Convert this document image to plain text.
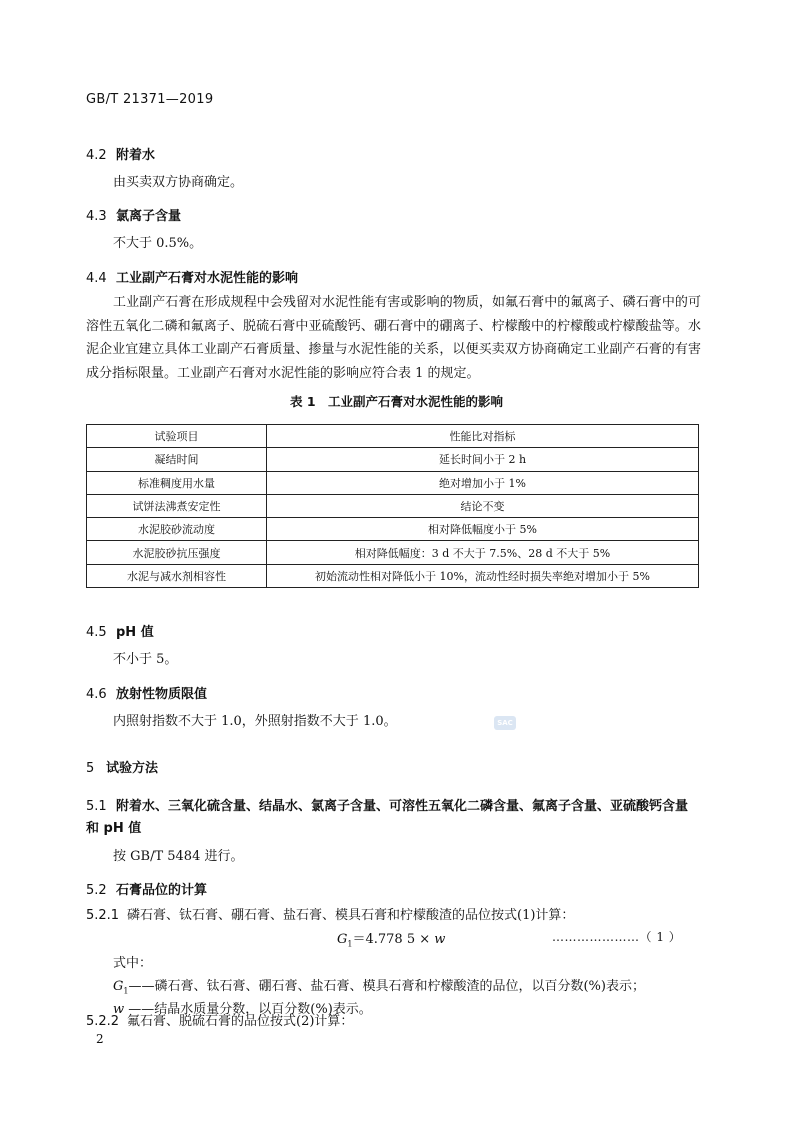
GB/T 21371—2019
4.2 附着水
由买卖双方协商确定。
4.3 氯离子含量
不大于 0.5%。
4.4 工业副产石膏对水泥性能的影响
工业副产石膏在形成规程中会残留对水泥性能有害或影响的物质，如氟石膏中的氟离子、磷石膏中的可溶性五氧化二磷和氟离子、脱硫石膏中亚硫酸钙、硼石膏中的硼离子、柠檬酸中的柠檬酸或柠檬酸盐等。水泥企业宜建立具体工业副产石膏质量、掺量与水泥性能的关系，以便买卖双方协商确定工业副产石膏的有害成分指标限量。工业副产石膏对水泥性能的影响应符合表 1 的规定。
表 1　工业副产石膏对水泥性能的影响
试验项目	性能比对指标
凝结时间	延长时间小于 2 h
标准稠度用水量	绝对增加小于 1%
试饼法沸煮安定性	结论不变
水泥胶砂流动度	相对降低幅度小于 5%
水泥胶砂抗压强度	相对降低幅度：3 d 不大于 7.5%、28 d 不大于 5%
水泥与减水剂相容性	初始流动性相对降低小于 10%，流动性经时损失率绝对增加小于 5%
4.5 pH 值
不小于 5。
4.6 放射性物质限值
内照射指数不大于 1.0，外照射指数不大于 1.0。	SAC
5 试验方法
5.1 附着水、三氧化硫含量、结晶水、氯离子含量、可溶性五氧化二磷含量、氟离子含量、亚硫酸钙含量
和 pH 值
按 GB/T 5484 进行。
5.2 石膏品位的计算
5.2.1 磷石膏、钛石膏、硼石膏、盐石膏、模具石膏和柠檬酸渣的品位按式(1)计算：
$G_1=4.778$ 5 × w	…………………（ 1 ）
式中：
$G_1——$磷石膏、钛石膏、硼石膏、盐石膏、模具石膏和柠檬酸渣的品位，以百分数(%)表示；
w ——结晶水质量分数，以百分数(%)表示。
5.2.2 氟石膏、脱硫石膏的品位按式(2)计算：
2
